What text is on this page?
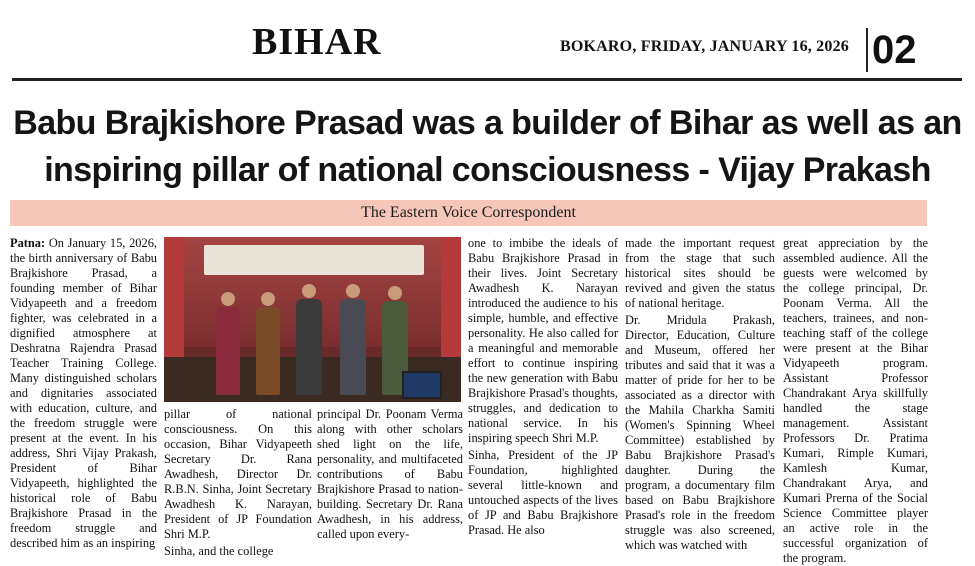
BIHAR	BOKARO, FRIDAY, JANUARY 16, 2026 02
Babu Brajkishore Prasad was a builder of Bihar as well as an
inspiring pillar of national consciousness - Vijay Prakash
The Eastern Voice Correspondent

Patna: On January 15, 2026, the birth anniversary of Babu Brajkishore Prasad, a founding member of Bihar Vidyapeeth and a freedom fighter, was celebrated in a dignified atmosphere at Deshratna Rajendra Prasad Teacher Training College. Many distinguished scholars and dignitaries associated with education, culture, and the freedom struggle were present at the event. In his address, Shri Vijay Prakash, President of Bihar Vidyapeeth, highlighted the historical role of Babu Brajkishore Prasad in the freedom struggle and described him as an inspiring

pillar of national consciousness. On this occasion, Bihar Vidyapeeth Secretary Dr. Rana Awadhesh, Director Dr. R.B.N. Sinha, Joint Secretary Awadhesh K. Narayan, President of JP Foundation Shri M.P.

Sinha, and the college

principal Dr. Poonam Verma along with other scholars shed light on the life, personality, and multifaceted contributions of Babu Brajkishore Prasad to nation-building. Secretary Dr. Rana Awadhesh, in his address, called upon every-

one to imbibe the ideals of Babu Brajkishore Prasad in their lives. Joint Secretary Awadhesh K. Narayan introduced the audience to his simple, humble, and effective personality. He also called for a meaningful and memorable effort to continue inspiring the new generation with Babu Brajkishore Prasad's thoughts, struggles, and dedication to national service. In his inspiring speech Shri M.P.

Sinha, President of the JP Foundation, highlighted several little-known and untouched aspects of the lives of JP and Babu Brajkishore Prasad. He also

made the important request from the stage that such historical sites should be revived and given the status of national heritage.

Dr. Mridula Prakash, Director, Education, Culture and Museum, offered her tributes and said that it was a matter of pride for her to be associated as a director with the Mahila Charkha Samiti (Women's Spinning Wheel Committee) established by Babu Brajkishore Prasad's daughter. During the program, a documentary film based on Babu Brajkishore Prasad's role in the freedom struggle was also screened, which was watched with

great appreciation by the assembled audience. All the guests were welcomed by the college principal, Dr. Poonam Verma. All the teachers, trainees, and non-teaching staff of the college were present at the Bihar Vidyapeeth program. Assistant Professor Chandrakant Arya skillfully handled the stage management. Assistant Professors Dr. Pratima Kumari, Rimple Kumari, Kamlesh Kumar, Chandrakant Arya, and Kumari Prerna of the Social Science Committee player an active role in the successful organization of the program.
